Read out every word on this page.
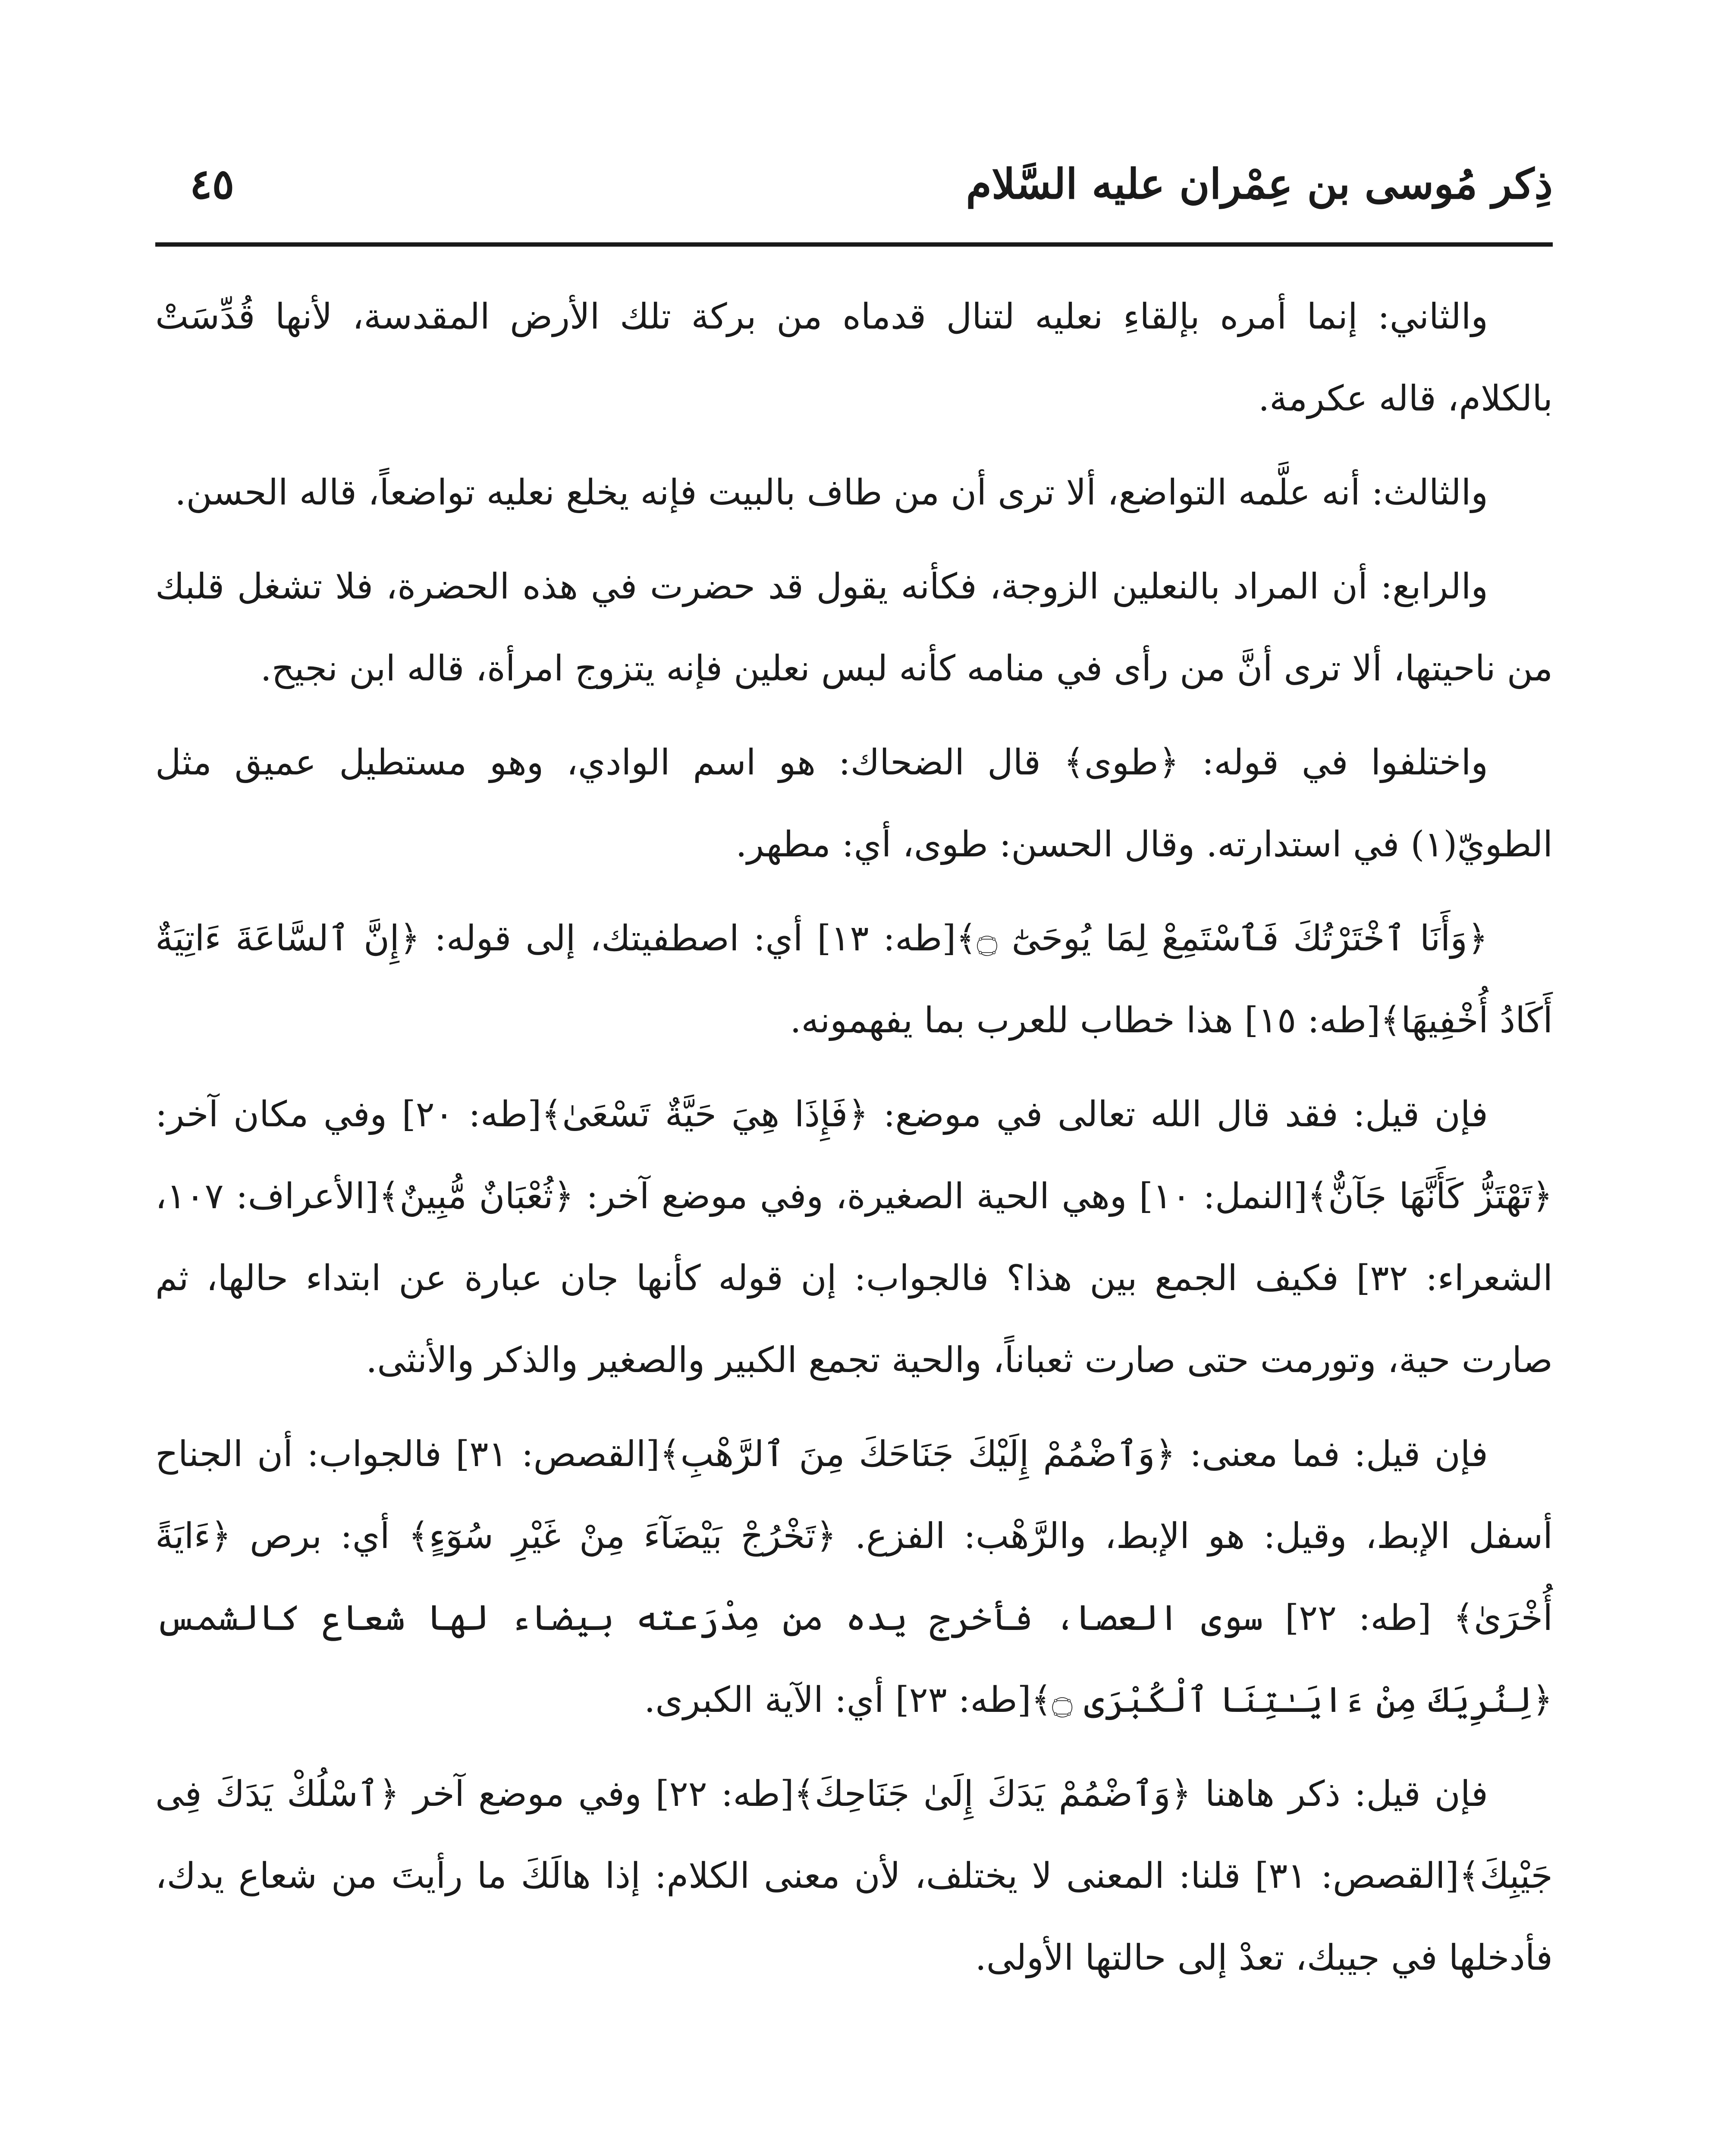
ذِكر مُوسى بن عِمْران عليه السَّلام
٤٥

والثاني: إنما أمره بإلقاءِ نعليه لتنال قدماه من بركة تلك الأرض المقدسة، لأنها قُدِّسَتْ بالكلام، قاله عكرمة.

والثالث: أنه علَّمه التواضع، ألا ترى أن من طاف بالبيت فإنه يخلع نعليه تواضعاً، قاله الحسن.

والرابع: أن المراد بالنعلين الزوجة، فكأنه يقول قد حضرت في هذه الحضرة، فلا تشغل قلبك من ناحيتها، ألا ترى أنَّ من رأى في منامه كأنه لبس نعلين فإنه يتزوج امرأة، قاله ابن نجيح.

واختلفوا في قوله: ﴿طوى﴾ قال الضحاك: هو اسم الوادي، وهو مستطيل عميق مثل الطويّ(١) في استدارته. وقال الحسن: طوى، أي: مطهر.

﴿وَأَنَا ٱخْتَرْتُكَ فَٱسْتَمِعْ لِمَا يُوحَىٰٓ ۝﴾[طه: ١٣] أي: اصطفيتك، إلى قوله: ﴿إِنَّ ٱلسَّاعَةَ ءَاتِيَةٌ أَكَادُ أُخْفِيهَا﴾[طه: ١٥] هذا خطاب للعرب بما يفهمونه.

فإن قيل: فقد قال الله تعالى في موضع: ﴿فَإِذَا هِيَ حَيَّةٌ تَسْعَىٰ﴾[طه: ٢٠] وفي مكان آخر: ﴿تَهْتَزُّ كَأَنَّهَا جَآنٌّ﴾[النمل: ١٠] وهي الحية الصغيرة، وفي موضع آخر: ﴿ثُعْبَانٌ مُّبِينٌ﴾[الأعراف: ١٠٧، الشعراء: ٣٢] فكيف الجمع بين هذا؟ فالجواب: إن قوله كأنها جان عبارة عن ابتداء حالها، ثم صارت حية، وتورمت حتى صارت ثعباناً، والحية تجمع الكبير والصغير والذكر والأنثى.

فإن قيل: فما معنى: ﴿وَٱضْمُمْ إِلَيْكَ جَنَاحَكَ مِنَ ٱلرَّهْبِ﴾[القصص: ٣١] فالجواب: أن الجناح أسفل الإبط، وقيل: هو الإبط، والرَّهْب: الفزع. ﴿تَخْرُجْ بَيْضَآءَ مِنْ غَيْرِ سُوٓءٍ﴾ أي: برص ﴿ءَايَةً أُخْرَىٰ﴾ [طه: ٢٢] سوى العصا، فأخرج يده من مِدْرَعته بيضاء لها شعاع كالشمس ﴿لِنُرِيَكَ مِنْ ءَايَـٰتِنَا ٱلْكُبْرَى ۝﴾[طه: ٢٣] أي: الآية الكبرى.

فإن قيل: ذكر هاهنا ﴿وَٱضْمُمْ يَدَكَ إِلَىٰ جَنَاحِكَ﴾[طه: ٢٢] وفي موضع آخر ﴿ٱسْلُكْ يَدَكَ فِى جَيْبِكَ﴾[القصص: ٣١] قلنا: المعنى لا يختلف، لأن معنى الكلام: إذا هالَكَ ما رأيتَ من شعاع يدك، فأدخلها في جيبك، تعدْ إلى حالتها الأولى.
